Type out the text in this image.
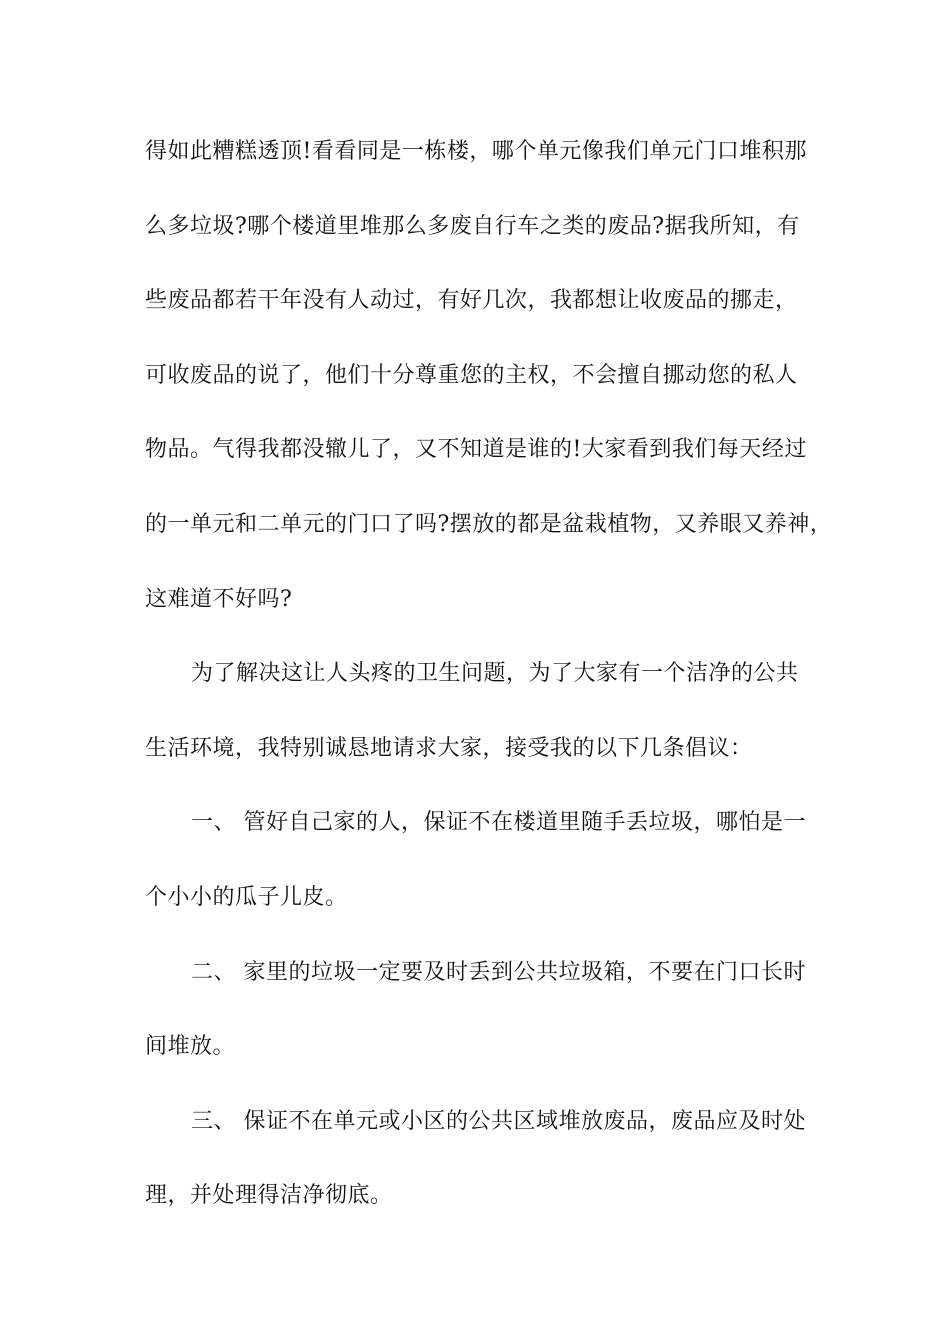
得如此糟糕透顶!看看同是一栋楼，哪个单元像我们单元门口堆积那
么多垃圾?哪个楼道里堆那么多废自行车之类的废品?据我所知，有
些废品都若干年没有人动过，有好几次，我都想让收废品的挪走，
可收废品的说了，他们十分尊重您的主权，不会擅自挪动您的私人
物品。气得我都没辙儿了，又不知道是谁的!大家看到我们每天经过
的一单元和二单元的门口了吗?摆放的都是盆栽植物，又养眼又养神，
这难道不好吗?
为了解决这让人头疼的卫生问题，为了大家有一个洁净的公共
生活环境，我特别诚恳地请求大家，接受我的以下几条倡议：
一、 管好自己家的人，保证不在楼道里随手丢垃圾，哪怕是一
个小小的瓜子儿皮。
二、 家里的垃圾一定要及时丢到公共垃圾箱，不要在门口长时
间堆放。
三、 保证不在单元或小区的公共区域堆放废品，废品应及时处
理，并处理得洁净彻底。
